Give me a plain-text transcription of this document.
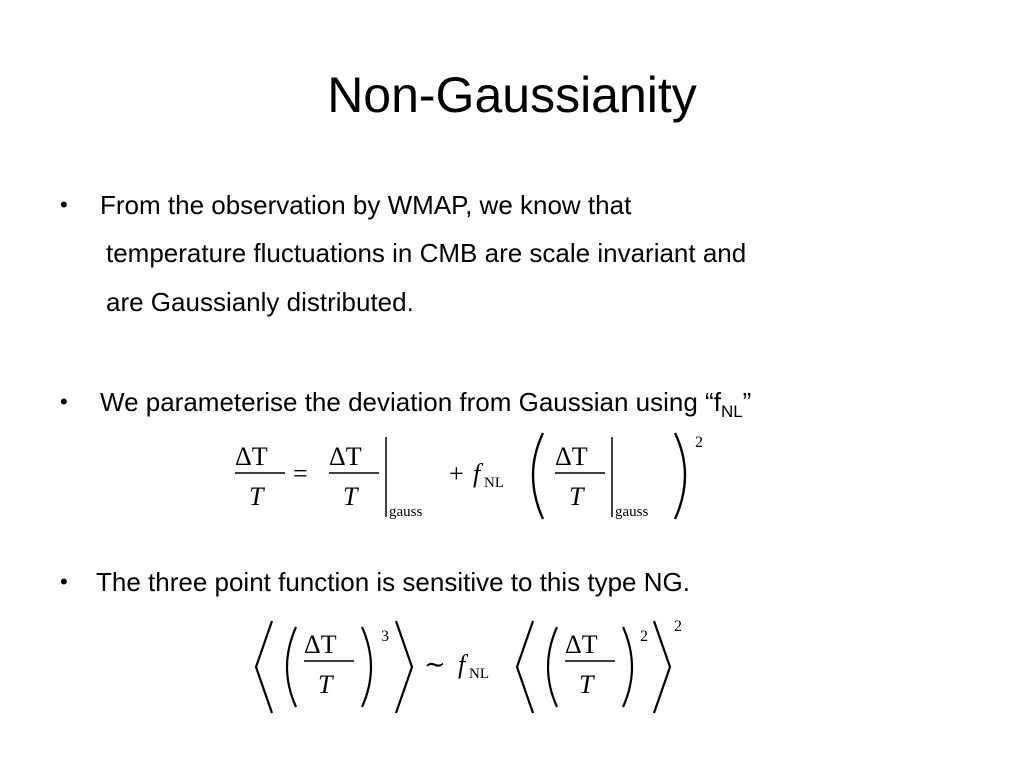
Non-Gaussianity
• From the observation by WMAP, we know that
temperature fluctuations in CMB are scale invariant and
are Gaussianly distributed.
• We parameterise the deviation from Gaussian using “$f_{NL}$”
ΔT
T
=
ΔT
T
gauss
+ f NL
ΔT
T
gauss
2
• The three point function is sensitive to this type NG.
ΔT
T
3
∼ f NL
ΔT
T
2
2
